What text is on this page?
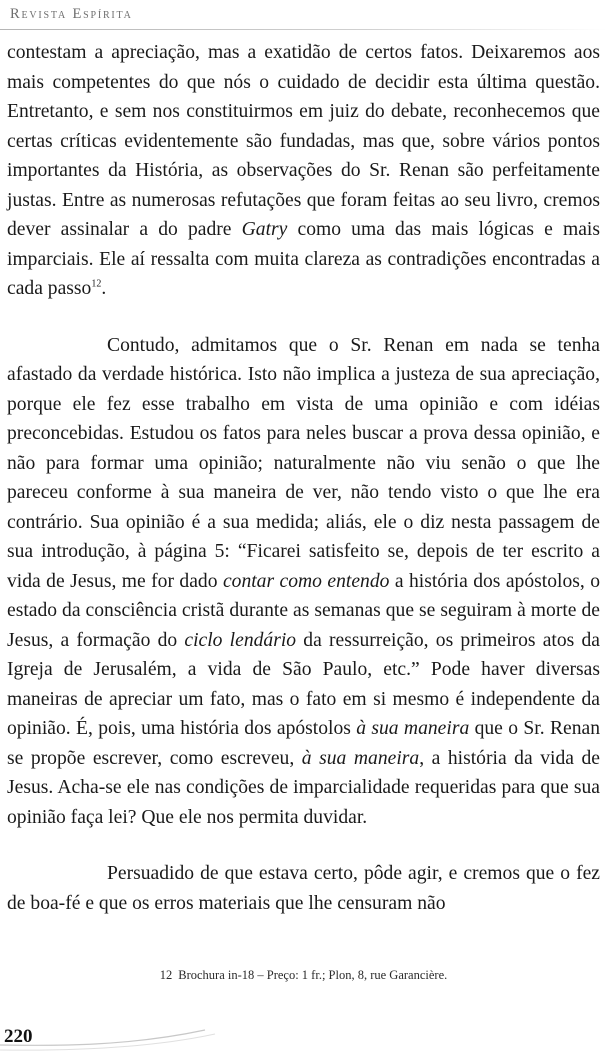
Revista Espírita

contestam a apreciação, mas a exatidão de certos fatos. Deixaremos aos mais competentes do que nós o cuidado de decidir esta última questão. Entretanto, e sem nos constituirmos em juiz do debate, reconhecemos que certas críticas evidentemente são fundadas, mas que, sobre vários pontos importantes da História, as observações do Sr. Renan são perfeitamente justas. Entre as numerosas refutações que foram feitas ao seu livro, cremos dever assinalar a do padre Gatry como uma das mais lógicas e mais imparciais. Ele aí ressalta com muita clareza as contradições encontradas a cada passo$^{12}$.

Contudo, admitamos que o Sr. Renan em nada se tenha afastado da verdade histórica. Isto não implica a justeza de sua apreciação, porque ele fez esse trabalho em vista de uma opinião e com idéias preconcebidas. Estudou os fatos para neles buscar a prova dessa opinião, e não para formar uma opinião; naturalmente não viu senão o que lhe pareceu conforme à sua maneira de ver, não tendo visto o que lhe era contrário. Sua opinião é a sua medida; aliás, ele o diz nesta passagem de sua introdução, à página 5: “Ficarei satisfeito se, depois de ter escrito a vida de Jesus, me for dado contar como entendo a história dos apóstolos, o estado da consciência cristã durante as semanas que se seguiram à morte de Jesus, a formação do ciclo lendário da ressurreição, os primeiros atos da Igreja de Jerusalém, a vida de São Paulo, etc.” Pode haver diversas maneiras de apreciar um fato, mas o fato em si mesmo é independente da opinião. É, pois, uma história dos apóstolos à sua maneira que o Sr. Renan se propõe escrever, como escreveu, à sua maneira, a história da vida de Jesus. Acha-se ele nas condições de imparcialidade requeridas para que sua opinião faça lei? Que ele nos permita duvidar.

Persuadido de que estava certo, pôde agir, e cremos que o fez de boa-fé e que os erros materiais que lhe censuram não

12 Brochura in-18 – Preço: 1 fr.; Plon, 8, rue Garancière.
220
